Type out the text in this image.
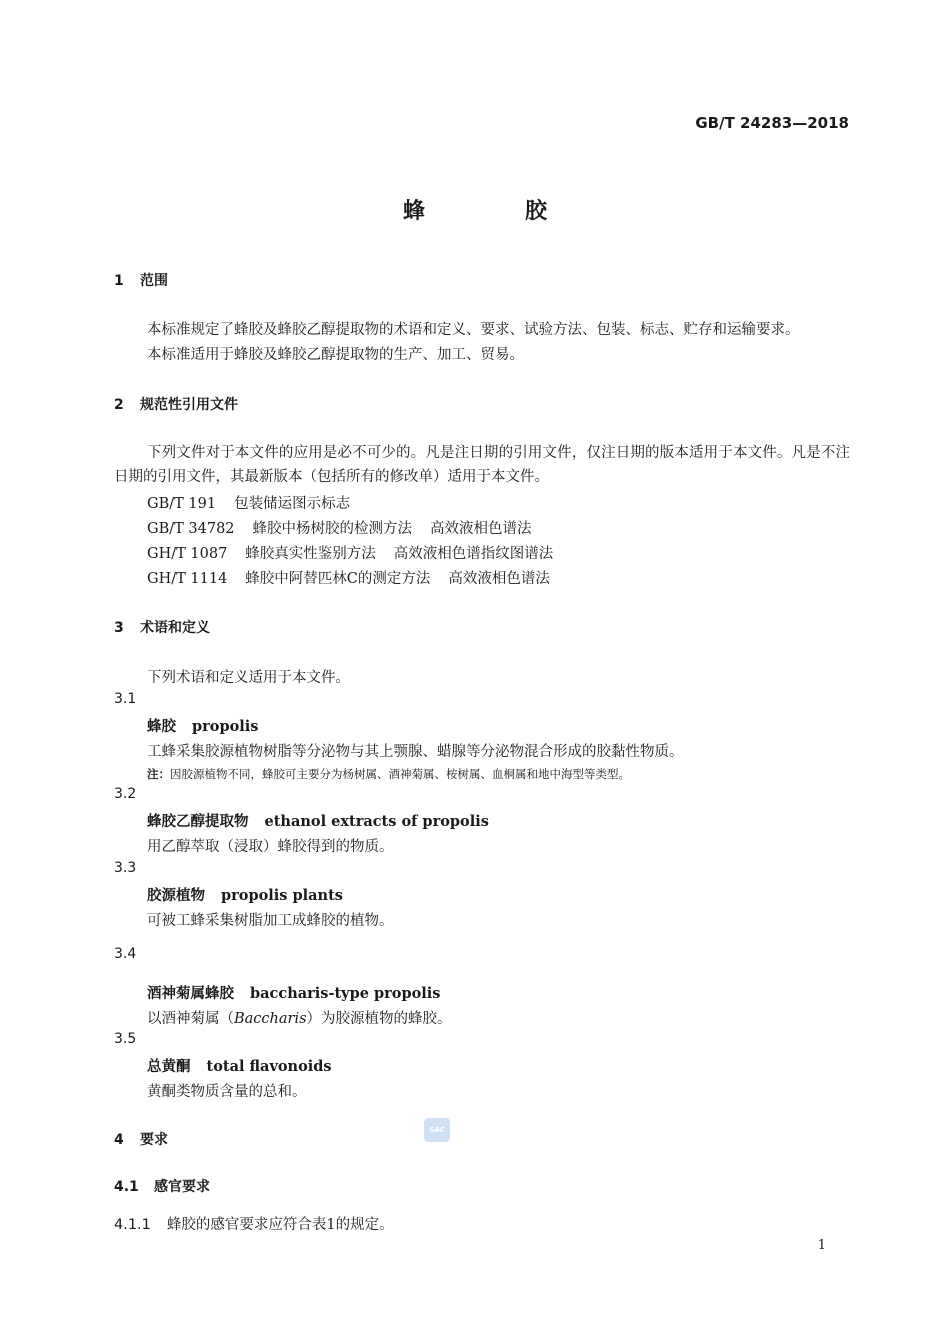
GB/T 24283—2018
蜂	胶
1 范围
本标准规定了蜂胶及蜂胶乙醇提取物的术语和定义、要求、试验方法、包装、标志、贮存和运输要求。
本标准适用于蜂胶及蜂胶乙醇提取物的生产、加工、贸易。
2 规范性引用文件
下列文件对于本文件的应用是必不可少的。凡是注日期的引用文件，仅注日期的版本适用于本文件。凡是不注日期的引用文件，其最新版本（包括所有的修改单）适用于本文件。
GB/T 191 包装储运图示标志
GB/T 34782 蜂胶中杨树胶的检测方法 高效液相色谱法
GH/T 1087 蜂胶真实性鉴别方法 高效液相色谱指纹图谱法
GH/T 1114 蜂胶中阿替匹林C的测定方法 高效液相色谱法
3 术语和定义
下列术语和定义适用于本文件。
3.1
蜂胶 propolis
工蜂采集胶源植物树脂等分泌物与其上颚腺、蜡腺等分泌物混合形成的胶黏性物质。
注：因胶源植物不同，蜂胶可主要分为杨树属、酒神菊属、桉树属、血桐属和地中海型等类型。
3.2
蜂胶乙醇提取物 ethanol extracts of propolis
用乙醇萃取（浸取）蜂胶得到的物质。
3.3
胶源植物 propolis plants
可被工蜂采集树脂加工成蜂胶的植物。
3.4
酒神菊属蜂胶 baccharis-type propolis
以酒神菊属（Baccharis）为胶源植物的蜂胶。
3.5
总黄酮 total flavonoids
黄酮类物质含量的总和。
4 要求
4.1 感官要求
4.1.1 蜂胶的感官要求应符合表1的规定。
SAC
1
